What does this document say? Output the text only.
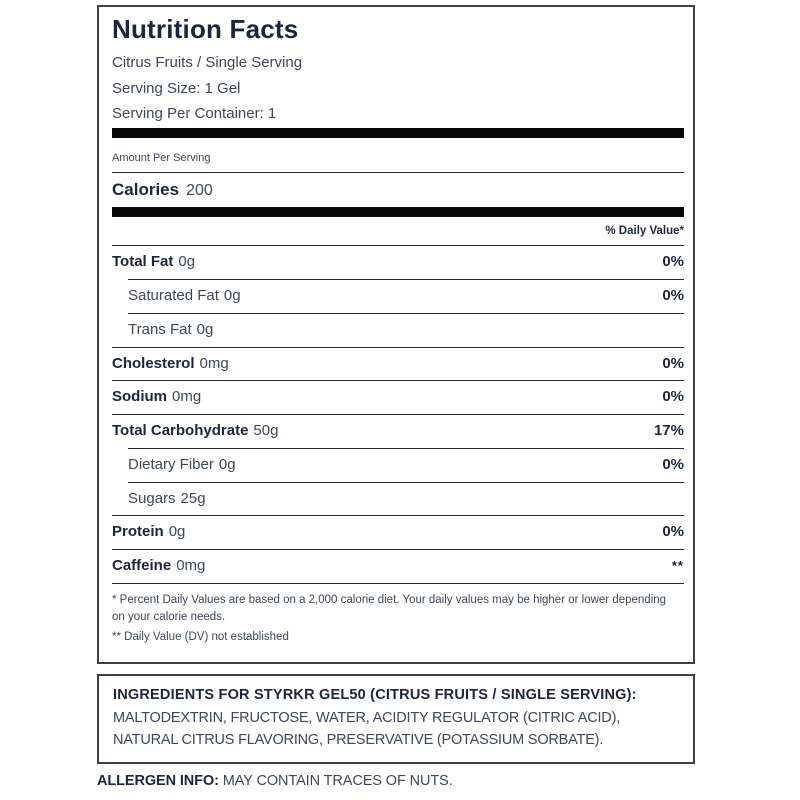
Nutrition Facts
Citrus Fruits / Single Serving
Serving Size: 1 Gel
Serving Per Container: 1
Amount Per Serving
Calories 200
% Daily Value*
Total Fat 0g	0%
Saturated Fat 0g	0%
Trans Fat 0g
Cholesterol 0mg	0%
Sodium 0mg	0%
Total Carbohydrate 50g	17%
Dietary Fiber 0g	0%
Sugars 25g
Protein 0g	0%
Caffeine 0mg	**
* Percent Daily Values are based on a 2,000 calorie diet. Your daily values may be higher or lower depending on your calorie needs.
** Daily Value (DV) not established
INGREDIENTS FOR STYRKR GEL50 (CITRUS FRUITS / SINGLE SERVING):
MALTODEXTRIN, FRUCTOSE, WATER, ACIDITY REGULATOR (CITRIC ACID), NATURAL CITRUS FLAVORING, PRESERVATIVE (POTASSIUM SORBATE).
ALLERGEN INFO: MAY CONTAIN TRACES OF NUTS.
